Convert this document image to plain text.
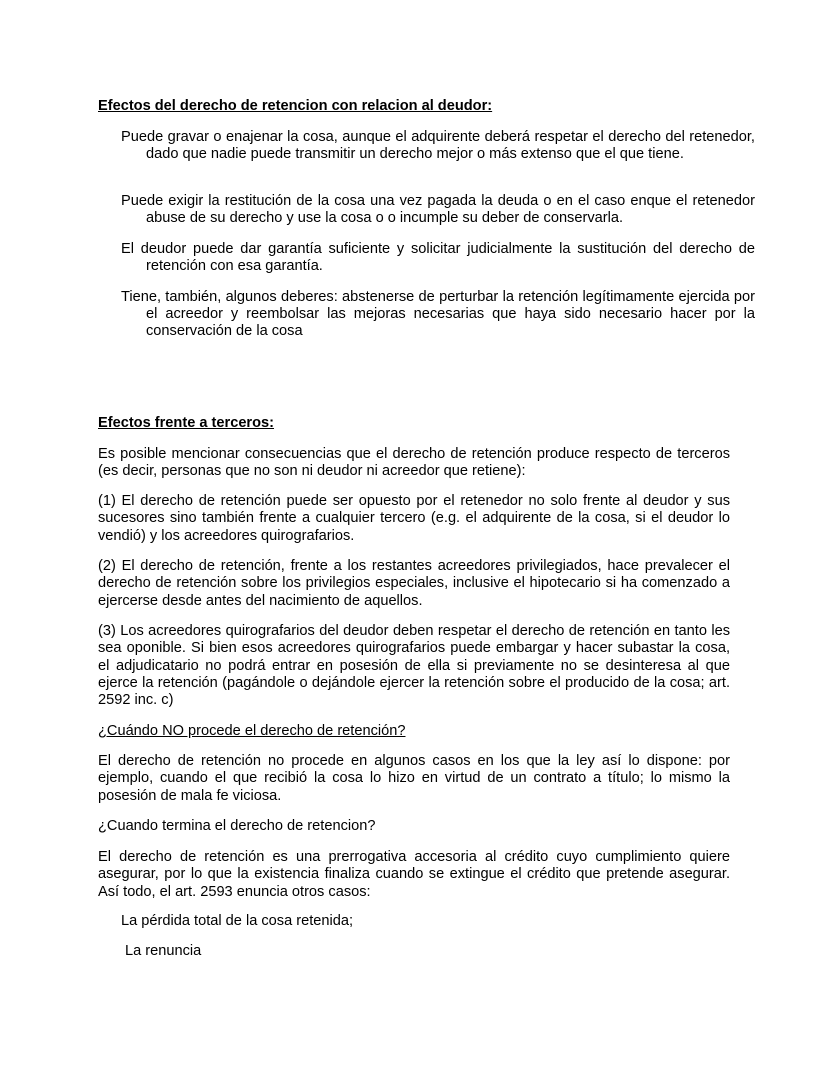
Efectos del derecho de retencion con relacion al deudor:

Puede gravar o enajenar la cosa, aunque el adquirente deberá respetar el derecho del retenedor, dado que nadie puede transmitir un derecho mejor o más extenso que el que tiene.

Puede exigir la restitución de la cosa una vez pagada la deuda o en el caso enque el retenedor abuse de su derecho y use la cosa o o incumple su deber de conservarla.

El deudor puede dar garantía suficiente y solicitar judicialmente la sustitución del derecho de retención con esa garantía.

Tiene, también, algunos deberes: abstenerse de perturbar la retención legítimamente ejercida por el acreedor y reembolsar las mejoras necesarias que haya sido necesario hacer por la conservación de la cosa

Efectos frente a terceros:

Es posible mencionar consecuencias que el derecho de retención produce respecto de terceros (es decir, personas que no son ni deudor ni acreedor que retiene):

(1) El derecho de retención puede ser opuesto por el retenedor no solo frente al deudor y sus sucesores sino también frente a cualquier tercero (e.g. el adquirente de la cosa, si el deudor lo vendió) y los acreedores quirografarios.

(2) El derecho de retención, frente a los restantes acreedores privilegiados, hace prevalecer el derecho de retención sobre los privilegios especiales, inclusive el hipotecario si ha comenzado a ejercerse desde antes del nacimiento de aquellos.

(3) Los acreedores quirografarios del deudor deben respetar el derecho de retención en tanto les sea oponible. Si bien esos acreedores quirografarios puede embargar y hacer subastar la cosa, el adjudicatario no podrá entrar en posesión de ella si previamente no se desinteresa al que ejerce la retención (pagándole o dejándole ejercer la retención sobre el producido de la cosa; art. 2592 inc. c)

¿Cuándo NO procede el derecho de retención?

El derecho de retención no procede en algunos casos en los que la ley así lo dispone: por ejemplo, cuando el que recibió la cosa lo hizo en virtud de un contrato a título; lo mismo la posesión de mala fe viciosa.

¿Cuando termina el derecho de retencion?

El derecho de retención es una prerrogativa accesoria al crédito cuyo cumplimiento quiere asegurar, por lo que la existencia finaliza cuando se extingue el crédito que pretende asegurar. Así todo, el art. 2593 enuncia otros casos:

La pérdida total de la cosa retenida;

La renuncia
